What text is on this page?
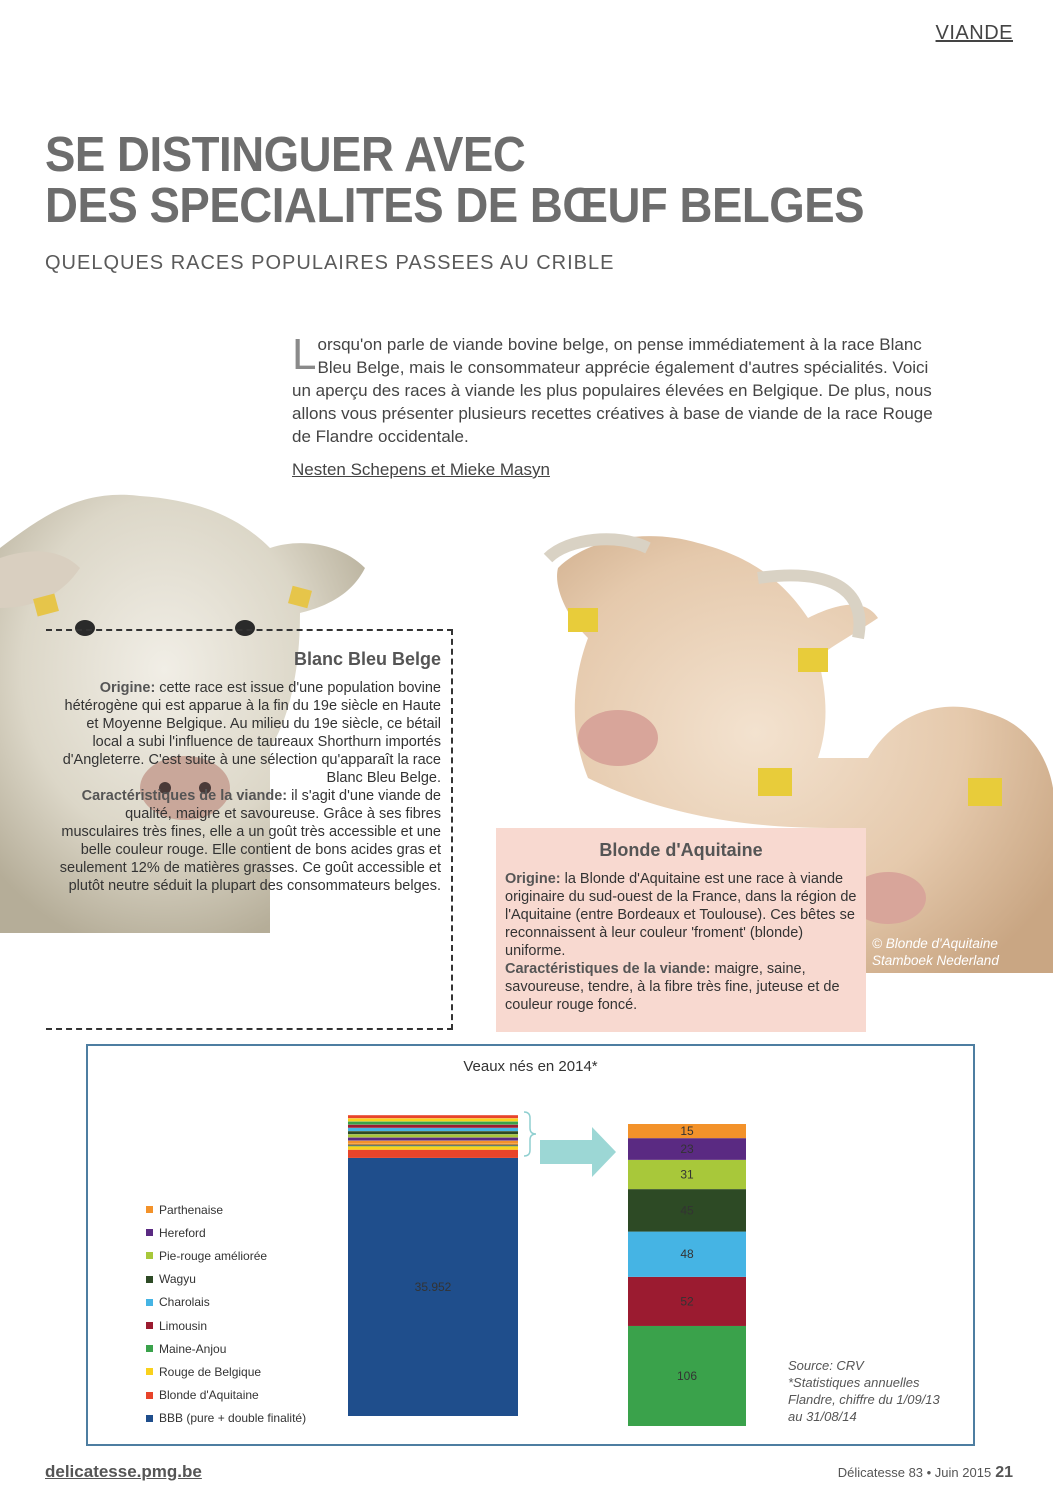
VIANDE
SE DISTINGUER AVEC
DES SPECIALITES DE BŒUF BELGES
QUELQUES RACES POPULAIRES PASSEES AU CRIBLE
Lorsqu'on parle de viande bovine belge, on pense immédiatement à la race Blanc Bleu Belge, mais le consommateur apprécie également d'autres spécialités. Voici un aperçu des races à viande les plus populaires élevées en Belgique. De plus, nous allons vous présenter plusieurs recettes créatives à base de viande de la race Rouge de Flandre occidentale.
Nesten Schepens et Mieke Masyn
Blanc Bleu Belge
Origine: cette race est issue d'une population bovine hétérogène qui est apparue à la fin du 19e siècle en Haute et Moyenne Belgique. Au milieu du 19e siècle, ce bétail local a subi l'influence de taureaux Shorthurn importés d'Angleterre. C'est suite à une sélection qu'apparaît la race Blanc Bleu Belge.
Caractéristiques de la viande: il s'agit d'une viande de qualité, maigre et savoureuse. Grâce à ses fibres musculaires très fines, elle a un goût très accessible et une belle couleur rouge. Elle contient de bons acides gras et seulement 12% de matières grasses. Ce goût accessible et plutôt neutre séduit la plupart des consommateurs belges.
Blonde d'Aquitaine
Origine: la Blonde d'Aquitaine est une race à viande originaire du sud-ouest de la France, dans la région de l'Aquitaine (entre Bordeaux et Toulouse). Ces bêtes se reconnaissent à leur couleur 'froment' (blonde) uniforme.
Caractéristiques de la viande: maigre, saine, savoureuse, tendre, à la fibre très fine, juteuse et de couleur rouge foncé.
© Blonde d'Aquitaine
Stamboek Nederland
Veaux nés en 2014*
Parthenaise
Hereford
Pie-rouge améliorée
Wagyu
Charolais
Limousin
Maine-Anjou
Rouge de Belgique
Blonde d'Aquitaine
BBB (pure + double finalité)
35.952
106
52
48
45
31
23
15
Source: CRV
*Statistiques annuelles
Flandre, chiffre du 1/09/13
au 31/08/14
delicatesse.pmg.be	Délicatesse 83 • Juin 2015 21
